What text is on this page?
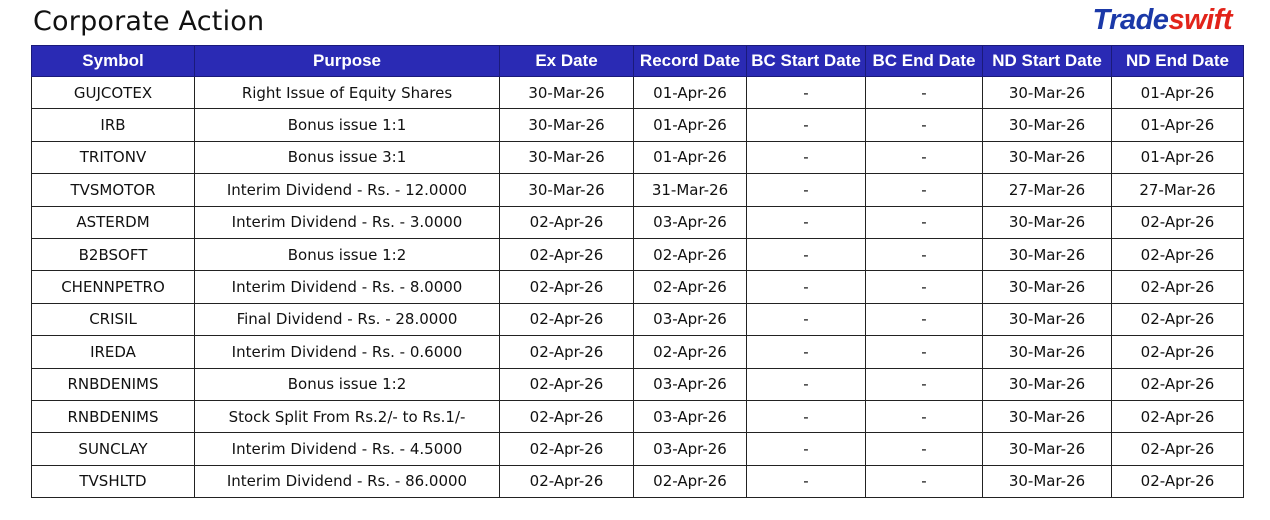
Corporate Action	Tradeswift
Symbol	Purpose	Ex Date	Record Date	BC Start Date	BC End Date	ND Start Date	ND End Date
GUJCOTEX	Right Issue of Equity Shares	30-Mar-26	01-Apr-26	-	-	30-Mar-26	01-Apr-26
IRB	Bonus issue 1:1	30-Mar-26	01-Apr-26	-	-	30-Mar-26	01-Apr-26
TRITONV	Bonus issue 3:1	30-Mar-26	01-Apr-26	-	-	30-Mar-26	01-Apr-26
TVSMOTOR	Interim Dividend - Rs. - 12.0000	30-Mar-26	31-Mar-26	-	-	27-Mar-26	27-Mar-26
ASTERDM	Interim Dividend - Rs. - 3.0000	02-Apr-26	03-Apr-26	-	-	30-Mar-26	02-Apr-26
B2BSOFT	Bonus issue 1:2	02-Apr-26	02-Apr-26	-	-	30-Mar-26	02-Apr-26
CHENNPETRO	Interim Dividend - Rs. - 8.0000	02-Apr-26	02-Apr-26	-	-	30-Mar-26	02-Apr-26
CRISIL	Final Dividend - Rs. - 28.0000	02-Apr-26	03-Apr-26	-	-	30-Mar-26	02-Apr-26
IREDA	Interim Dividend - Rs. - 0.6000	02-Apr-26	02-Apr-26	-	-	30-Mar-26	02-Apr-26
RNBDENIMS	Bonus issue 1:2	02-Apr-26	03-Apr-26	-	-	30-Mar-26	02-Apr-26
RNBDENIMS	Stock Split From Rs.2/- to Rs.1/-	02-Apr-26	03-Apr-26	-	-	30-Mar-26	02-Apr-26
SUNCLAY	Interim Dividend - Rs. - 4.5000	02-Apr-26	03-Apr-26	-	-	30-Mar-26	02-Apr-26
TVSHLTD	Interim Dividend - Rs. - 86.0000	02-Apr-26	02-Apr-26	-	-	30-Mar-26	02-Apr-26
